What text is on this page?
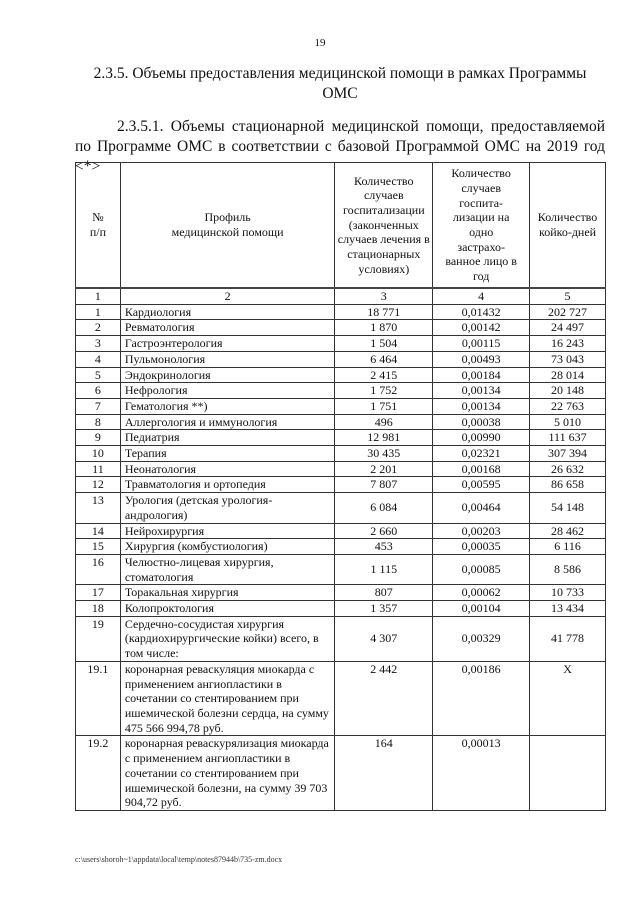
19
2.3.5. Объемы предоставления медицинской помощи в рамках Программы ОМС
2.3.5.1. Объемы стационарной медицинской помощи, предоставляемой по Программе ОМС в соответствии с базовой Программой ОМС на 2019 год <*>
№ п/п	Профиль медицинской помощи	Количество случаев госпитализации (законченных случаев лечения в стационарных условиях)	Количество случаев госпита-лизации на одно застрахо-ванное лицо в год	Количество койко-дней
1	2	3	4	5
1	Кардиология	18 771	0,01432	202 727
2	Ревматология	1 870	0,00142	24 497
3	Гастроэнтерология	1 504	0,00115	16 243
4	Пульмонология	6 464	0,00493	73 043
5	Эндокринология	2 415	0,00184	28 014
6	Нефрология	1 752	0,00134	20 148
7	Гематология **)	1 751	0,00134	22 763
8	Аллергология и иммунология	496	0,00038	5 010
9	Педиатрия	12 981	0,00990	111 637
10	Терапия	30 435	0,02321	307 394
11	Неонатология	2 201	0,00168	26 632
12	Травматология и ортопедия	7 807	0,00595	86 658
13	Урология (детская урология-андрология)	6 084	0,00464	54 148
14	Нейрохирургия	2 660	0,00203	28 462
15	Хирургия (комбустиология)	453	0,00035	6 116
16	Челюстно-лицевая хирургия, стоматология	1 115	0,00085	8 586
17	Торакальная хирургия	807	0,00062	10 733
18	Колопроктология	1 357	0,00104	13 434
19	Сердечно-сосудистая хирургия (кардиохирургические койки) всего, в том числе:	4 307	0,00329	41 778
19.1	коронарная реваскуляция миокарда с применением ангиопластики в сочетании со стентированием при ишемической болезни сердца, на сумму 475 566 994,78 руб.	2 442	0,00186	X
19.2	коронарная реваскурялизация миокарда с применением ангиопластики в сочетании со стентированием при ишемической болезни, на сумму 39 703 904,72 руб.	164	0,00013	
c:\users\shoroh~1\appdata\local\temp\notes87944b\735-zm.docx
